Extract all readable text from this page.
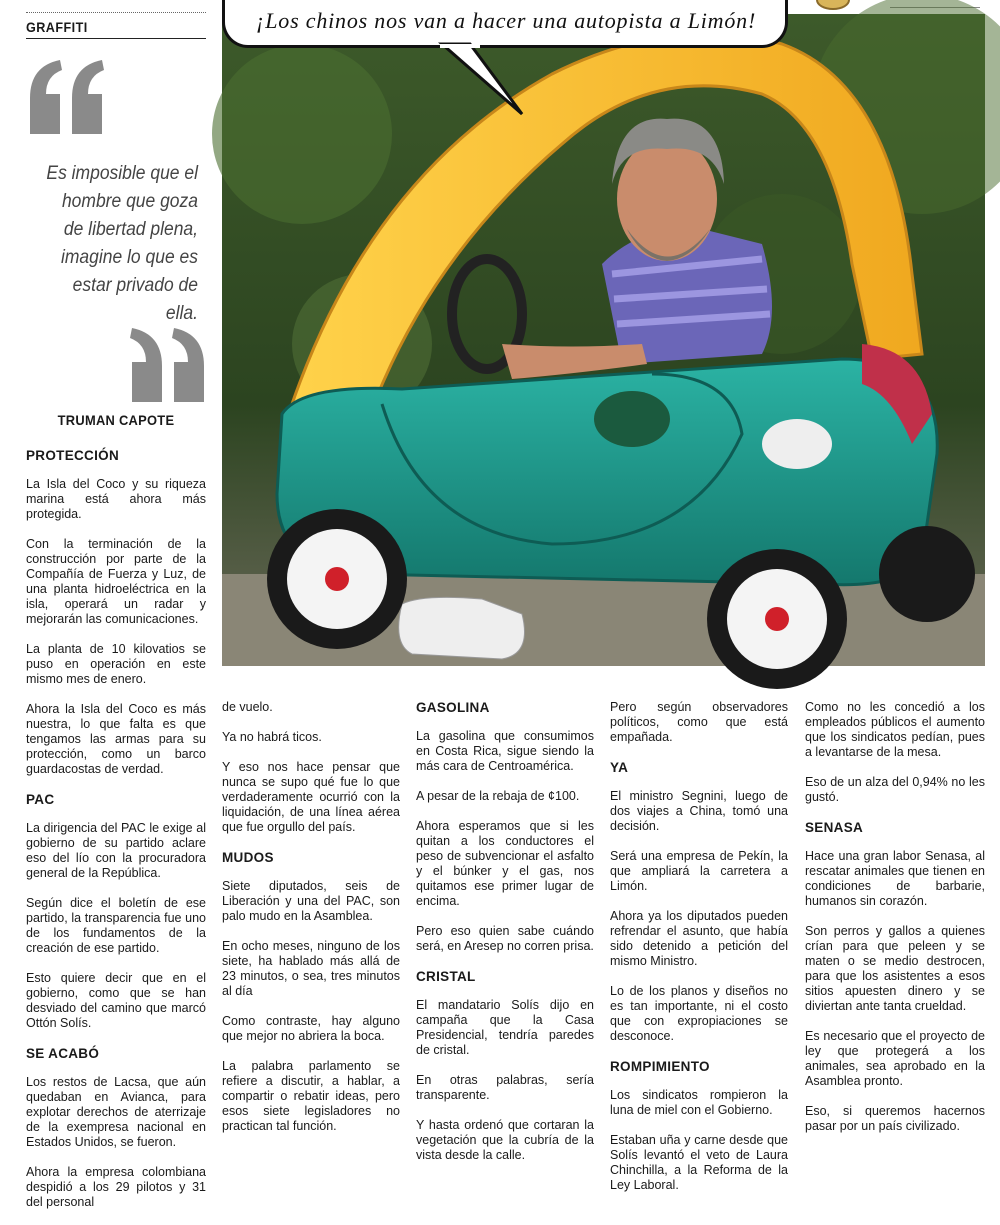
GRAFFITI
Es imposible que el hombre que goza de libertad plena, imagine lo que es estar privado de ella.
TRUMAN CAPOTE
¡Los chinos nos van a hacer una autopista a Limón!
PROTECCIÓN

La Isla del Coco y su riqueza marina está ahora más protegida.

Con la terminación de la construcción por parte de la Compañía de Fuerza y Luz, de una planta hidroeléctrica en la isla, operará un radar y mejorarán las comunicaciones.

La planta de 10 kilovatios se puso en operación en este mismo mes de enero.

Ahora la Isla del Coco es más nuestra, lo que falta es que tengamos las armas para su protección, como un barco guardacostas de verdad.

PAC

La dirigencia del PAC le exige al gobierno de su partido aclare eso del lío con la procuradora general de la República.

Según dice el boletín de ese partido, la transparencia fue uno de los fundamentos de la creación de ese partido.

Esto quiere decir que en el gobierno, como que se han desviado del camino que marcó Ottón Solís.

SE ACABÓ

Los restos de Lacsa, que aún quedaban en Avianca, para explotar derechos de aterrizaje de la exempresa nacional en Estados Unidos, se fueron.

Ahora la empresa colombiana despidió a los 29 pilotos y 31 del personal

de vuelo.

Ya no habrá ticos.

Y eso nos hace pensar que nunca se supo qué fue lo que verdaderamente ocurrió con la liquidación, de una línea aérea que fue orgullo del país.

MUDOS

Siete diputados, seis de Liberación y una del PAC, son palo mudo en la Asamblea.

En ocho meses, ninguno de los siete, ha hablado más allá de 23 minutos, o sea, tres minutos al día

Como contraste, hay alguno que mejor no abriera la boca.

La palabra parlamento se refiere a discutir, a hablar, a compartir o rebatir ideas, pero esos siete legisladores no practican tal función.

GASOLINA

La gasolina que consumimos en Costa Rica, sigue siendo la más cara de Centroamérica.

A pesar de la rebaja de ¢100.

Ahora esperamos que si les quitan a los conductores el peso de subvencionar el asfalto y el búnker y el gas, nos quitamos ese primer lugar de encima.

Pero eso quien sabe cuándo será, en Aresep no corren prisa.

CRISTAL

El mandatario Solís dijo en campaña que la Casa Presidencial, tendría paredes de cristal.

En otras palabras, sería transparente.

Y hasta ordenó que cortaran la vegetación que la cubría de la vista desde la calle.

Pero según observadores políticos, como que está empañada.

YA

El ministro Segnini, luego de dos viajes a China, tomó una decisión.

Será una empresa de Pekín, la que ampliará la carretera a Limón.

Ahora ya los diputados pueden refrendar el asunto, que había sido detenido a petición del mismo Ministro.

Lo de los planos y diseños no es tan importante, ni el costo que con expropiaciones se desconoce.

ROMPIMIENTO

Los sindicatos rompieron la luna de miel con el Gobierno.

Estaban uña y carne desde que Solís levantó el veto de Laura Chinchilla, a la Reforma de la Ley Laboral.

Como no les concedió a los empleados públicos el aumento que los sindicatos pedían, pues a levantarse de la mesa.

Eso de un alza del 0,94% no les gustó.

SENASA

Hace una gran labor Senasa, al rescatar animales que tienen en condiciones de barbarie, humanos sin corazón.

Son perros y gallos a quienes crían para que peleen y se maten o se medio destrocen, para que los asistentes a esos sitios apuesten dinero y se diviertan ante tanta crueldad.

Es necesario que el proyecto de ley que protegerá a los animales, sea aprobado en la Asamblea pronto.

Eso, si queremos hacernos pasar por un país civilizado.
